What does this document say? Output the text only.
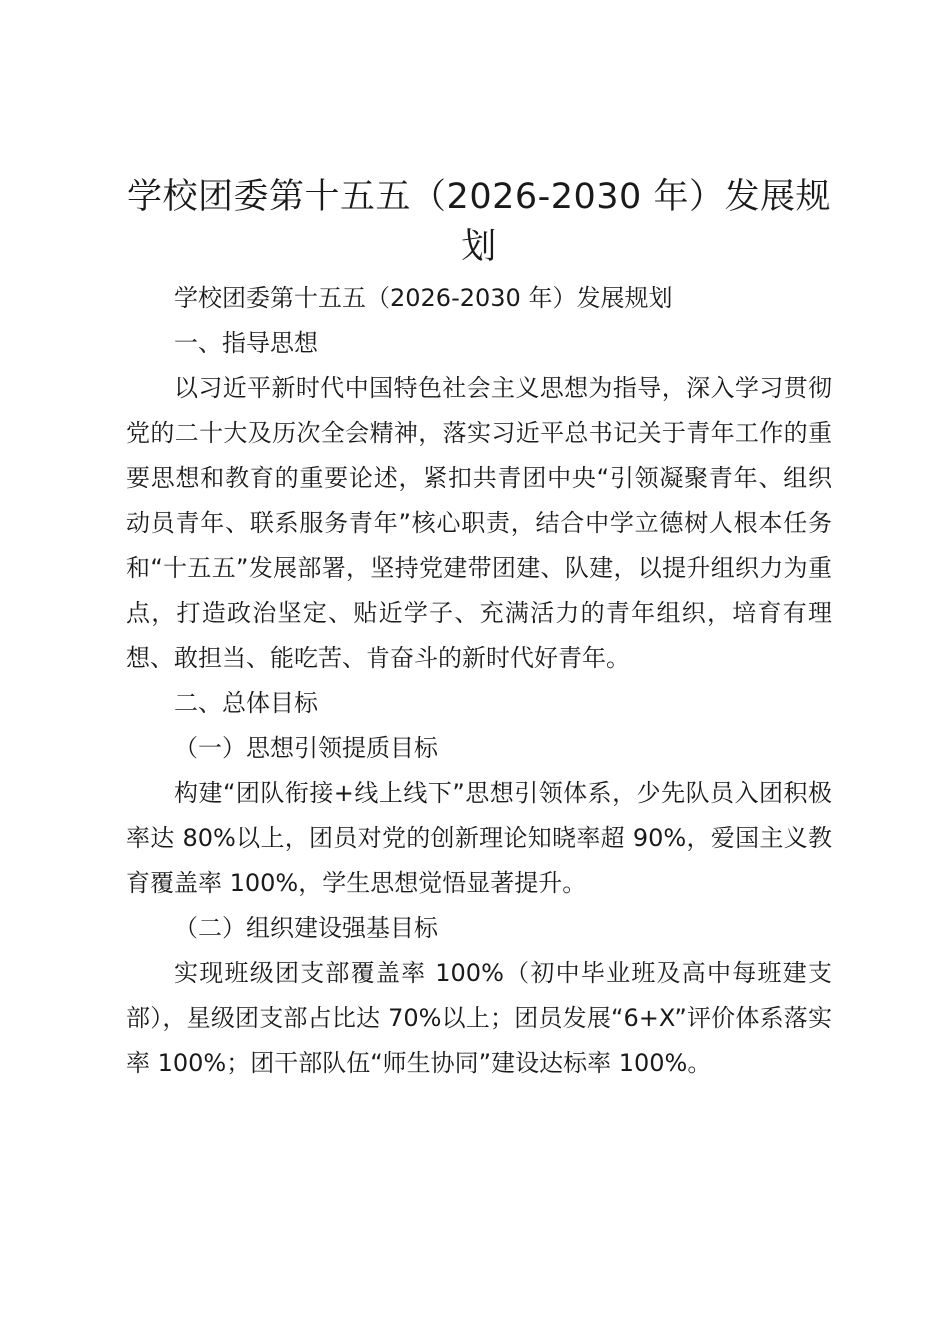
学校团委第十五五（2026-2030 年）发展规划

学校团委第十五五（2026-2030 年）发展规划

一、指导思想

以习近平新时代中国特色社会主义思想为指导，深入学习贯彻党的二十大及历次全会精神，落实习近平总书记关于青年工作的重要思想和教育的重要论述，紧扣共青团中央“引领凝聚青年、组织动员青年、联系服务青年”核心职责，结合中学立德树人根本任务和“十五五”发展部署，坚持党建带团建、队建，以提升组织力为重点，打造政治坚定、贴近学子、充满活力的青年组织，培育有理想、敢担当、能吃苦、肯奋斗的新时代好青年。

二、总体目标

（一）思想引领提质目标

构建“团队衔接+线上线下”思想引领体系，少先队员入团积极率达 80%以上，团员对党的创新理论知晓率超 90%，爱国主义教育覆盖率 100%，学生思想觉悟显著提升。

（二）组织建设强基目标

实现班级团支部覆盖率 100%（初中毕业班及高中每班建支部），星级团支部占比达 70%以上；团员发展“6+X”评价体系落实率 100%；团干部队伍“师生协同”建设达标率 100%。
